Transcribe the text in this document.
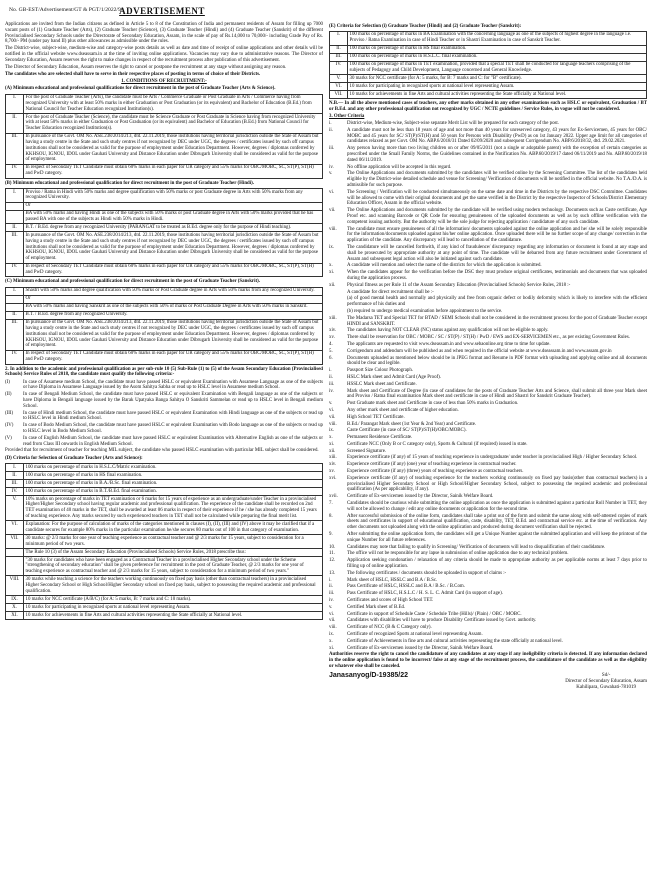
No. GB-EST/Advertisement/GT & PGT/1/2022/9
ADVERTISEMENT

Applications are invited from the Indian citizens as defined in Article 5 to 8 of the Constitution of India and permanent residents of Assam for filling up 7000 vacant posts of (1) Graduate Teacher (Arts), (2) Graduate Teacher (Science), (3) Graduate Teacher (Hindi) and (4) Graduate Teacher (Sanskrit) of the different Provincialised Secondary Schools under the Directorate of Secondary Education, Assam, in the scale of pay of Rs.14,000 to 70,000/- including Grade Pay of Rs. 8,700/- PM (under pay band II) plus other allowances as admissible under the rules.

The District-wise, subject-wise, medium-wise and category-wise posts details as well as date and time of receipt of online applications and other details will be notified in the official website www.dseassam.in at the time of inviting online applications. Vacancies may vary due to administrative reasons. The Director of Secondary Education, Assam reserves the right to make changes in respect of the recruitment process after publication of this advertisement.

The Director of Secondary Education, Assam reserves the right to cancel or postpone the recruitment at any stage without assigning any reason.

The candidates who are selected shall have to serve in their respective places of posting in terms of choice of their Districts.

1. CONDITIONS OF RECRUITMENT:-

(A) Minimum educational and professional qualifications for direct recruitment in the post of Graduate Teacher (Arts & Science).

I.	For the post of Graduate Teacher (Arts), the candidate must be Arts / Commerce Graduate or Post Graduate in Arts / Commerce having from recognized University with at least 50% marks in either Graduation or Post Graduation (or its equivalent) and Bachelor of Education (B.Ed.) from National Council for Teacher Education recognized Institution(s).
II.	For the post of Graduate Teacher (Science), the candidate must be Science Graduate or Post Graduate in Science having from recognized University with at least 50% marks in either Graduation or Post Graduation (or its equivalent) and Bachelor of Education (B.Ed.) from National Council for Teacher Education recognized Institution(s).
III.	In pursuance of the Govt. OM No. ASE.238/2014/213, dtd. 22.11.2019, those institutions having territorial jurisdiction outside the State of Assam but having a study centre in the State and such study centres if not recognized by DEC under UGC, the degrees / certificates issued by such off campus institutions shall not be considered as valid for the purpose of employment under Education Department. However, degrees / diplomas conferred by KKHSOU, IGNOU, IDOL under Gauhati University and Distance Education under Dibrugarh University shall be considered as valid for the purpose of employment.
IV.	In respect of Secondary TET Candidate must obtain 60% marks in each paper for UR category and 55% marks for OBC/MOBC, SC, ST(P), ST(H) and PwD category.

(B) Minimum educational and professional qualification for direct recruitment in the post of Graduate Teacher (Hindi).

I.	Proviso / Ratna in Hindi with 50% marks and degree qualification with 50% marks or post Graduate degree in Arts with 50% marks from any recognized University.
	Or
	BA with 50% marks and having Hindi as one of the subjects with 50% marks or post Graduate degree in Arts with 50% marks provided that he has passed BA with one of the subjects as Hindi with 50% marks in Hindi.
II.	B.T. / B.Ed. degree from any recognized University (PARANGAT to be treated as B.Ed. degree only for the purpose of Hindi teaching).
III.	In pursuance of the Govt. OM No. ASE.238/2014/213, dtd. 22.11.2019, those institutions having territorial jurisdiction outside the State of Assam but having a study centre in the State and such study centres if not recognized by DEC under UGC, the degrees / certificates issued by such off campus institutions shall not be considered as valid for the purpose of employment under Education Department. However, degrees / diplomas conferred by KKHSOU, IGNOU, IDOL under Gauhati University and Distance Education under Dibrugarh University shall be considered as valid for the purpose of employment.
IV.	In respect of Secondary TET Candidate must obtain 60% marks in each paper for UR category and 55% marks for OBC/MOBC, SC, ST(P), ST(H) and PwD category.

(C) Minimum educational and professional qualification for direct recruitment in the post of Graduate Teacher (Sanskrit).

I.	Shastri with 50% marks and degree qualification with 50% marks or Post Graduate degree in Arts with 50% marks from any recognized University.
	Or
	BA with 50% marks and having Sanskrit as one of the subjects with 50% of marks or Post Graduate Degree in Arts with 50% marks in Sanskrit.
II.	B.T. / B.Ed. degree from any recognized University.
III.	In pursuance of the Govt. OM No. ASE.238/2014/213, dtd. 22.11.2019, those institutions having territorial jurisdiction outside the State of Assam but having a study centre in the State and such study centres if not recognized by DEC under UGC, the degrees / certificates issued by such off campus institutions shall not be considered as valid for the purpose of employment under Education Department. However, degrees / diplomas conferred by KKHSOU, IGNOU, IDOL under Gauhati University and Distance Education under Dibrugarh University shall be considered as valid for the purpose of employment.
IV.	In respect of Secondary TET Candidate must obtain 60% marks in each paper for UR category and 55% marks for OBC/MOBC, SC, ST(P), ST(H) and PwD category.

2. In addition to the academic and professional qualification as per sub-rule 10 (5) Sub-Rule (1) to (5) of the Assam Secondary Education (Provincialised Schools) Service Rules of 2018, the candidate must qualify the following criteria:-

(I)	In case of Assamese medium School, the candidate must have passed HSLC or equivalent Examination with Assamese Language as one of the subjects or have Diploma in Assamese Language issued by the Asom Sahitya Sabha or read up to HSLC level in Assamese medium School.
(II)	In case of Bengali Medium School, the candidate must have passed HSLC or equivalent Examination with Bengali language as one of the subjects or have Diploma in Bengali language issued by the Barak Upatyaka Banga Sahitya O Sanskriti Sammelan or read up to HSLC level in Bengali medium School.
(III)	In case of Hindi medium School, the candidate must have passed HSLC or equivalent Examination with Hindi language as one of the subjects or read up to HSLC level in Hindi medium School.
(IV)	In case of Bodo Medium School, the candidate must have passed HSLC or equivalent Examination with Bodo language as one of the subjects or read up to HSLC level in Bodo Medium School.
(V)	In case of English Medium School, the candidate must have passed HSLC or equivalent Examination with Alternative English as one of the subjects or read from Class III onwards in English Medium School.

Provided that for recruitment of teacher for teaching MIL subject, the candidate who passed HSLC examination with particular MIL subject shall be considered.

(D) Criteria for Selection of Graduate Teacher (Arts and Science):

I.	100 marks on percentage of marks in H.S.L.C/Matric examination.
II.	100 marks on percentage of marks in HS final examination.
III.	100 marks on percentage of marks in B.A./B.Sc. final examination.
IV.	100 marks on percentage of marks in B.T./B.Ed. final examination.
V.	10% marks on percentage of marks in TET examination or 6 marks for 15 years of experience as an undergraduate/under Teacher in a provincialised Higher/Higher Secondary school having regular academic and professional qualification. The experience of the candidate shall be recorded on 2nd TET examination of 40 marks in the TET, shall be awarded at least 06 marks in respect of their experience if he / she has already completed 15 years of teaching experience. Any marks secured by such experienced teachers in TET shall not be calculated while preparing the final merit list.
VI.	Explanation: For the purpose of calculation of marks of the categories mentioned in clauses (I), (II), (III) and (IV) above it may be clarified that if a candidate secures for example 80% marks in the particular examination he/she secures 80 marks out of 100 in that category of examination.
VII.	30 marks: @ 2/3 marks for one year of teaching experience as contractual teacher and @ 2/3 marks for 15 years, subject to consideration for a minimum period of two years.
	The Rule 10 (3) of the Assam Secondary Education (Provincialised Schools) Service Rules, 2018 prescribe thus:
	"30 marks for candidates who have been engaged as a Contractual Teacher in a provincialised Higher Secondary school under the Scheme "strengthening of secondary education" shall be given preference for recruitment in the post of Graduate Teacher, @ 2/3 marks for one year of teaching experience as contractual teacher and @ 2/3 marks for 15 years, subject to consideration for a minimum period of two years."
VIII.	30 marks while teaching a science for the teachers working continuously on fixed pay basis (other than contractual teachers) in a provincialised Higher Secondary School or High School/Higher Secondary school on fixed pay basis, subject to possessing the required academic and professional qualification.
IX.	10 marks for NCC certificate (A/B/C) (for A: 5 marks, B: 7 marks and C: 10 marks).
X.	10 marks for participating in recognized sports at national level representing Assam.
XI.	10 marks for achievements in fine Arts and cultural activities representing the State officially at National level.

(E) Criteria for Selection (i) Graduate Teacher (Hindi) and (2) Graduate Teacher (Sanskrit):

I.	100 marks on percentage of marks in BA Examination with the concerning language as one of the subjects of highest degree in the language i.e. Proviso / Ratna Examination in case of Hindi Teacher or in Shastri Examination in case of Sanskrit Teacher.
II.	100 marks on percentage of marks in HS final examination.
III.	100 marks on percentage of marks in H.S.L.C. final examination.
IV.	100 marks on percentage of marks in TET examination, provided that a special TET shall be conducted for language teachers comprising of the subjects of Pedagogy and Child Development, Language concerned and General Knowledge.
V.	30 marks for NCC certificate (for A: 5 marks, for B: 7 marks and C: for "B" certificate).
VI.	10 marks for participating in recognized sports at national level representing Assam.
VII.	10 marks for achievements in fine Arts and cultural activities representing the State officially at National level.

N.B.— In all the above mentioned cases of teachers, any other marks obtained in any other examinations such as HSLC or equivalent, Graduation / BT or B.Ed. and any other professional qualification not recognized by UGC / NCTE guidelines / Service Rules, in vogue will not be considered.

3. Other Criteria

i.	District-wise, Medium-wise, Subject-wise separate Merit List will be prepared for each category of the post.
ii.	A candidate must not be less than 18 years of age and not more than 40 years for unreserved category, 43 years for Ex-Servicemen, 45 years for OBC/ MOBC and 45 years for SC/ ST(P)/ST(H) and 50 years for Persons with Disability (PwD) as on 1st January 2022. Upper age limit for all categories of candidates relaxed as per Govt. OM No. ABP.6/2018/31 Dated 02/09/2020 and subsequent Corrigendum No. ABP.6/2018/32, dtd. 29.02.2021.
iii.	Any person having more than two living children on or after 09/05/2011 (not a single or adoptable parent) with the exception of certain categories as prescribed under the Small Family Norms, the Guidelines contained in the Notification No. ABP.60/2019/17 dated 06/11/2019 and No. ABP.60/2019/18 dated 06/11/2019.
iv.	No offline application will be accepted in this regard.
v.	The Online Applications and documents submitted by the candidates will be verified online by the Screening Committee. The list of the candidates held eligible by the District-wise detailed schedule and venue for Screening/ Verification of documents will be notified in the official website. No T.A./D.A. is admissible for such purpose.
vi.	The Screening / Verification will be conducted simultaneously on the same date and time in the Districts by the respective DSC Committee. Candidates will be allowed to come with their original documents and get the same verified in the District by the respective Inspector of Schools/District Elementary Education Officer, Assam in the official website.
vii.	The Online Applications and documents submitted by the candidate will be verified using modern technology. Documents such as Caste certificate, Age Proof etc. and scanning Barcode or QR Code for ensuring genuineness of the uploaded documents as well as by such offline verification with the competent issuing authority. But the authority will be the sole judge for rejecting application / candidature of any such candidate.
viii.	The candidate must ensure genuineness of all the information/ documents uploaded against the online application and he/ she will be solely responsible for the information/documents uploaded against his/her online application. Once uploaded there will be no further scope of any change/ correction in the application of the candidate. Any discrepancy will lead to cancellation of the candidature.
ix.	The candidature will be cancelled forthwith, if any kind of fraudulence/ discrepancy regarding any information or document is found at any stage and shall be prosecuted by appropriate authority at any point of time. The candidate will be debarred from any future recruitment under Government of Assam and subsequent legal action will also be initiated against such candidate.
x.	A candidate will mention and select the name of the districts for which the application is submitted.
xi.	When the candidates appear for the verification before the DSC they must produce original certificates, testimonials and documents that was uploaded during the application process.
xii.	Physical fitness as per Rule 11 of the Assam Secondary Education (Provincialised Schools) Service Rules, 2018 :-
A candidate for direct recruitment shall be :-
(a) of good mental health and normally and physically and free from organic defect or bodily deformity which is likely to interfere with the efficient performance of his duties and
(b) required to undergo medical examination before appointment to the service.
xiii.	The Madarsa TET and Special TET for BTAD / SEMI Schools shall not be considered in the recruitment process for the post of Graduate Teacher except HINDI and SANSKRIT.
xiv.	The candidates having NOT CLEAR (NC) status against any qualification will not be eligible to apply.
xv.	There shall be reservation for OBC / MOBC / SC / ST(P) / ST(H) / PwD / EWS and EX-SERVICEMEN etc., as per existing Government Rules.
4.	The applicants are requested to visit www.dseassam.in and www.sebaonline.org time to time for update.
5.	Corrigendum and addendum will be published as and when required in the official website at www.dseassam.in and www.assam.gov.in
6.	Documents uploaded as mentioned below should be in JPEG format and Resume in PDF format with uploading and applying online and all documents should be clear and legible.
i.	Passport Size Colour Photograph.
ii.	HSLC Mark sheet and Admit Card (Age Proof).
iii.	HSSLC Mark sheet and Certificate.
iv.	Mark sheet and Certificate of Degree (in case of candidates for the posts of Graduate Teacher Arts and Science, shall submit all three year Mark sheet and Proviso / Ratna final examination Mark sheet and certificate in case of Hindi and Shastri for Sanskrit Graduate Teacher).
v.	Post Graduate mark sheet and Certificate in case of less than 50% marks in Graduation.
vi.	Any other mark sheet and certificate of higher education.
vii.	High School TET Certificate.
viii.	B.Ed./ Parangat Mark sheet (1st Year & 2nd Year) and Certificate.
ix.	Caste Certificate (in case of SC/ ST(P)/ST(H)/OBC/MOBC).
x.	Permanent Residence Certificate.
xi.	Certificate NCC (Only B or C category only), Sports & Cultural (if required) issued in state.
xii.	Screened Signature.
xiii.	Experience certificate (if any) of 15 years of teaching experience in undergraduate/ under teacher in provincialised High / Higher Secondary School.
xiv.	Experience certificate (if any) (one) year of teaching experience in contractual teacher.
xv.	Experience certificate (if any) (three) years of teaching experience as contractual teachers.
xvi.	Experience certificate (if any) of teaching experience for the teachers working continuously on fixed pay basis(other than contractual teachers) in a provincialised Higher Secondary School or High School/Higher Secondary School, subject to possessing the required academic and professional qualification (As per applicability, if any).
xvii.	Certificate of Ex-servicemen issued by the Director, Sainik Welfare Board.
7.	Candidates should be cautious while submitting the online application as once the application is submitted against a particular Roll Number in TET, they will not be allowed to change / edit any online documents or application for the second time.
8.	After successful submission of the online form, candidates shall take a print out of the form and submit the same along with self-attested copies of mark sheets and certificates in support of educational qualification, caste, disability, TET, B.Ed. and contractual service etc. at the time of verification. Any other documents not uploaded along with the online application and produced during document verification shall be rejected.
9.	After submitting the online application form, the candidates will get a Unique Number against the submitted application and will keep the printout of the unique Number for all future references.
10.	Candidates may note that failing to qualify in Screening/ Verification of documents will lead to disqualification of their candidature.
11.	The office will not be responsible for any lapse in submission of online application due to any technical problem.
12.	Application seeking condonation / relaxation of any criteria should be made to appropriate authority as per applicable norms at least 7 days prior to filling up of online application.
13.	The following certificates / documents should be uploaded in support of claims :-
i.	Mark sheet of HSLC, HSSLC and B.A / B.Sc.
ii.	Pass Certificate of HSLC, HSSLC and B.A / B.Sc. / B.Com.
iii.	Pass Certificate of HSLC, H.S.L.C / H. S. L. C. Admit Card (in support of age).
iv.	Certificates and scores of High School TET.
v.	Certified Mark sheet of B.Ed.
vi.	Certificate in support of Schedule Caste / Schedule Tribe (Hills)/ (Plain) / OBC / MOBC.
vii.	Candidates with disabilities will have to produce Disability Certificate issued by Govt. authority.
viii.	Certificate of NCC (B & C Category only).
ix.	Certificate of recognized Sports at national level representing Assam.
x.	Certificate of Achievements in fine arts and cultural activities representing the state officially at national level.
xi.	Certificate of Ex-servicemen issued by the Director, Sainik Welfare Board.

Authorities reserve the right to cancel the candidature of any candidates at any stage if any ineligibility criteria is detected. If any information declared in the online application is found to be incorrect/ false at any stage of the recruitment process, the candidature of the candidate as well as the eligibility or whatever else shall be canceled.

Janasanyog/D-19385/22	Sd/-
Director of Secondary Education, Assam
Kahilipara, Guwahati-781019
